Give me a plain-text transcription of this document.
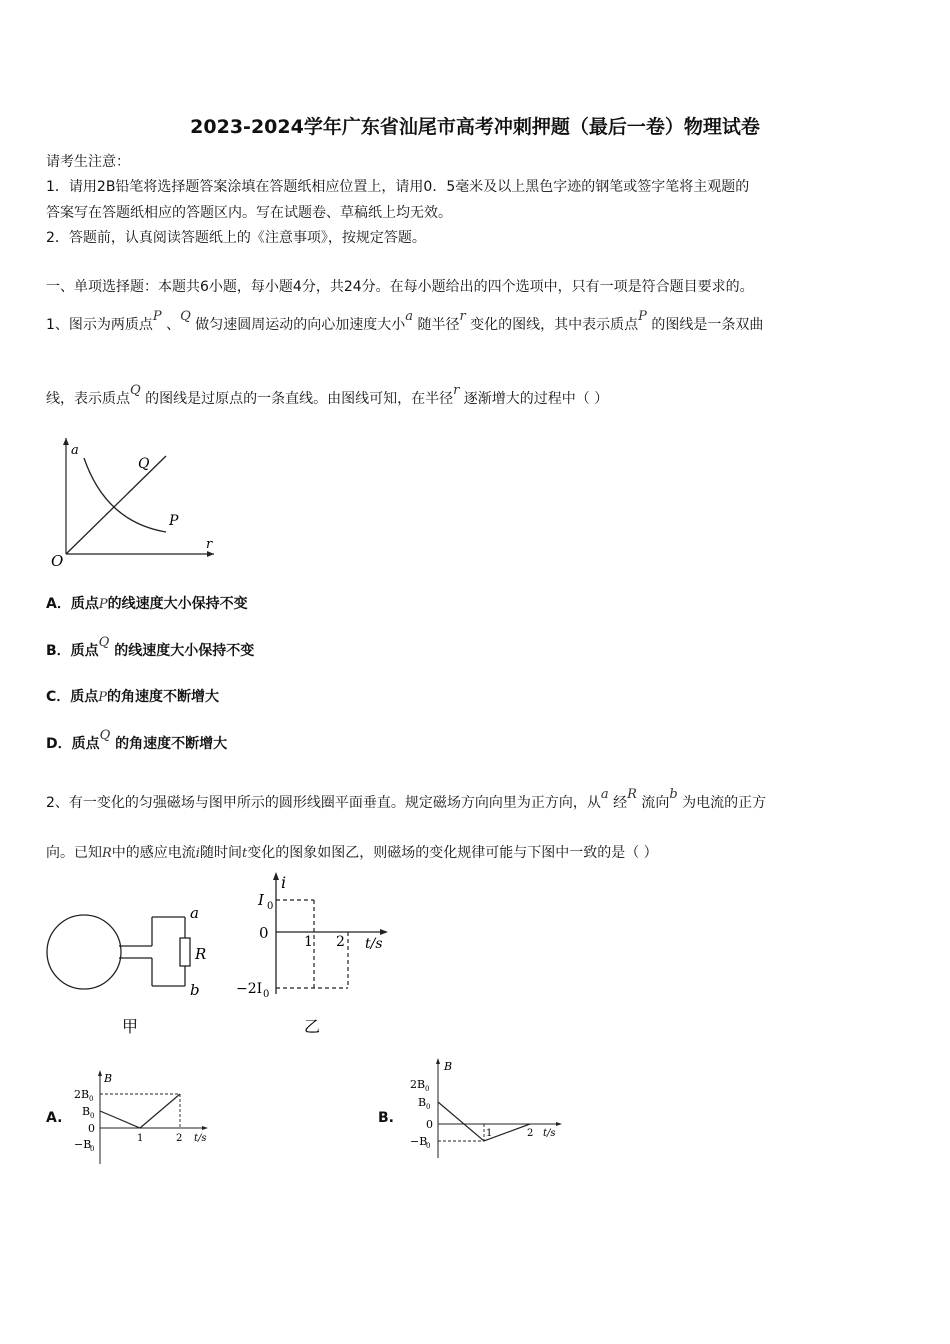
2023-2024学年广东省汕尾市高考冲刺押题（最后一卷）物理试卷
请考生注意：
1．请用2B铅笔将选择题答案涂填在答题纸相应位置上，请用0．5毫米及以上黑色字迹的钢笔或签字笔将主观题的
答案写在答题纸相应的答题区内。写在试题卷、草稿纸上均无效。
2．答题前，认真阅读答题纸上的《注意事项》，按规定答题。
一、单项选择题：本题共6小题，每小题4分，共24分。在每小题给出的四个选项中，只有一项是符合题目要求的。
1、图示为两质点P 、Q 做匀速圆周运动的向心加速度大小a 随半径r 变化的图线，其中表示质点P 的图线是一条双曲
线，表示质点Q 的图线是过原点的一条直线。由图线可知，在半径r 逐渐增大的过程中（ ）
a
r
O
Q
P
A．质点P的线速度大小保持不变
B．质点Q 的线速度大小保持不变
C．质点P的角速度不断增大
D．质点Q 的角速度不断增大
2、有一变化的匀强磁场与图甲所示的圆形线圈平面垂直。规定磁场方向向里为正方向，从a 经R 流向b 为电流的正方
向。已知R中的感应电流i随时间t变化的图象如图乙，则磁场的变化规律可能与下图中一致的是（ ）
a
R
b
甲
i
I 0
0	1 2 t/s
−2I 0
乙
A.
B
2B 0
B 0
0
−B
0
1	2 t/s
B.
B
2B 0
B 0
0
−B
0
1	2 t/s
